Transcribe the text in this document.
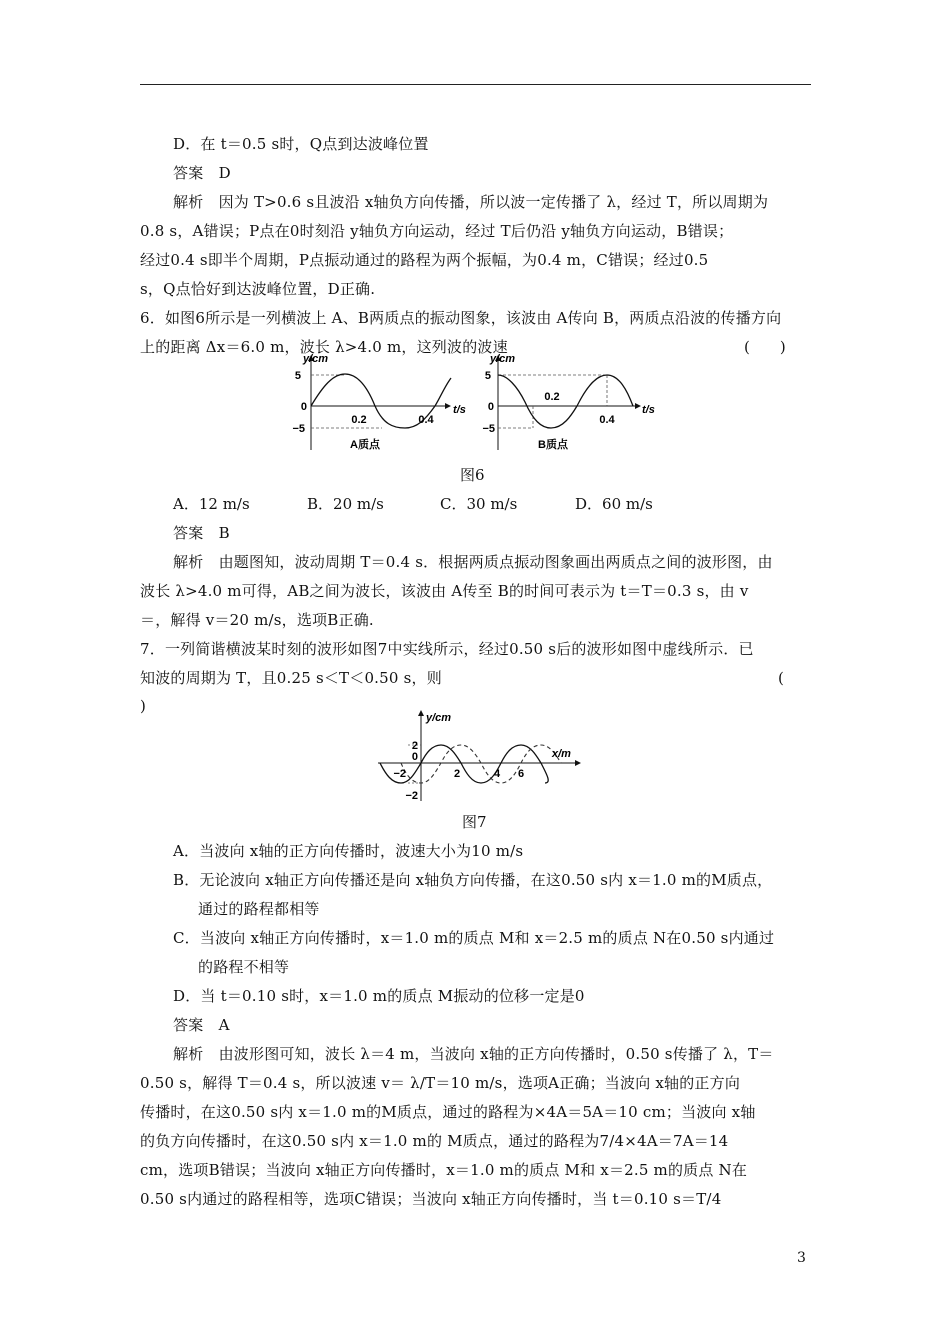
D．在 t＝0.5 s时，Q点到达波峰位置
答案　D
解析　因为 T>0.6 s且波沿 x轴负方向传播，所以波一定传播了 λ，经过 T，所以周期为
0.8 s，A错误；P点在0时刻沿 y轴负方向运动，经过 T后仍沿 y轴负方向运动，B错误；
经过0.4 s即半个周期，P点振动通过的路程为两个振幅，为0.4 m，C错误；经过0.5
s，Q点恰好到达波峰位置，D正确.
6．如图6所示是一列横波上 A、B两质点的振动图象，该波由 A传向 B，两质点沿波的传播方向
上的距离 Δx＝6.0 m，波长 λ>4.0 m，这列波的波速	(　　)
y/cm
5
0
−5
0.2	0.4
t/s
A质点
y/cm
5
0
−5
0.2
0.4
t/s
B质点
图6
A．12 m/s	B．20 m/s	C．30 m/s	D．60 m/s
答案　B
解析　由题图知，波动周期 T＝0.4 s．根据两质点振动图象画出两质点之间的波形图，由
波长 λ>4.0 m可得，AB之间为波长，该波由 A传至 B的时间可表示为 t＝T＝0.3 s，由 v
＝，解得 v＝20 m/s，选项B正确.
7．一列简谐横波某时刻的波形如图7中实线所示，经过0.50 s后的波形如图中虚线所示．已
知波的周期为 T，且0.25 s＜T＜0.50 s，则	(
)
y/cm
2
0
−2
−2
2	4 6
x/m
图7
A．当波向 x轴的正方向传播时，波速大小为10 m/s
B．无论波向 x轴正方向传播还是向 x轴负方向传播，在这0.50 s内 x＝1.0 m的M质点，
通过的路程都相等
C．当波向 x轴正方向传播时，x＝1.0 m的质点 M和 x＝2.5 m的质点 N在0.50 s内通过
的路程不相等
D．当 t＝0.10 s时，x＝1.0 m的质点 M振动的位移一定是0
答案　A
解析　由波形图可知，波长 λ＝4 m，当波向 x轴的正方向传播时，0.50 s传播了 λ，T＝
0.50 s，解得 T＝0.4 s，所以波速 v＝ λ/T＝10 m/s，选项A正确；当波向 x轴的正方向
传播时，在这0.50 s内 x＝1.0 m的M质点，通过的路程为×4A＝5A＝10 cm；当波向 x轴
的负方向传播时，在这0.50 s内 x＝1.0 m的 M质点，通过的路程为7/4×4A＝7A＝14
cm，选项B错误；当波向 x轴正方向传播时，x＝1.0 m的质点 M和 x＝2.5 m的质点 N在
0.50 s内通过的路程相等，选项C错误；当波向 x轴正方向传播时，当 t＝0.10 s＝T/4
3
